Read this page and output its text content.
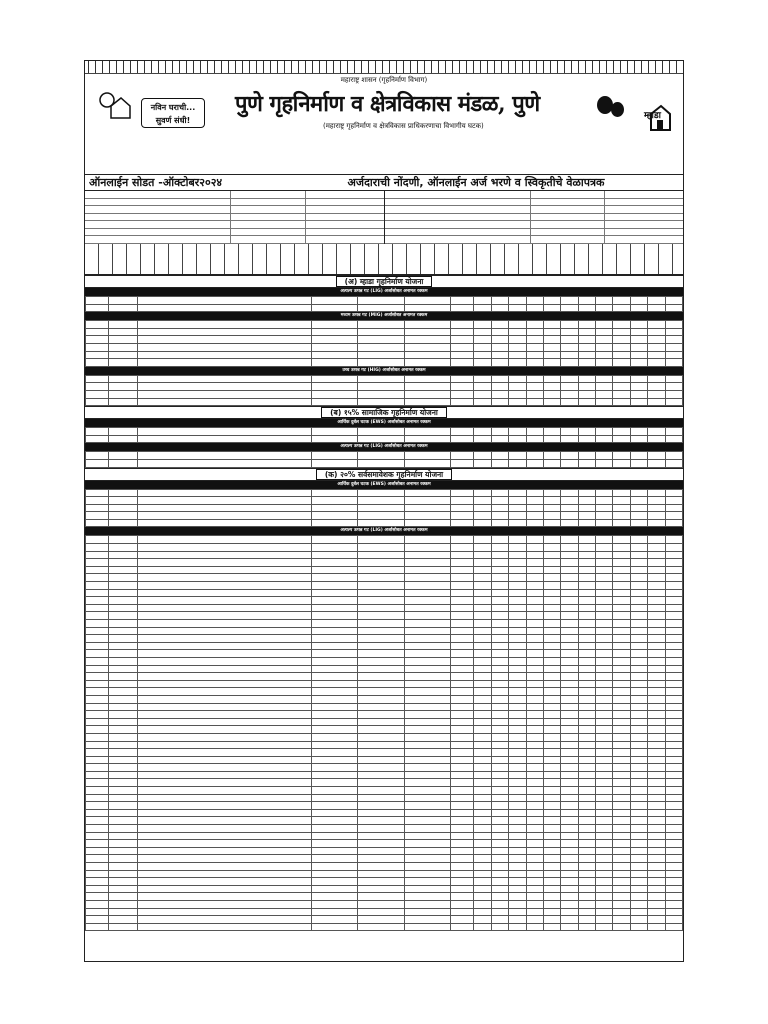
महाराष्ट्र शासन (गृहनिर्माण विभाग)
नविन घराची...
सुवर्ण संधी!
पुणे गृहनिर्माण व क्षेत्रविकास मंडळ, पुणे
(महाराष्ट्र गृहनिर्माण व क्षेत्रविकास प्राधिकरणाचा विभागीय घटक)
म्हाडा
ऑनलाईन सोडत -ऑक्टोबर२०२४	अर्जदाराची नोंदणी, ऑनलाईन अर्ज भरणे व स्विकृतीचे वेळापत्रक
(अ) म्हाडा गृहनिर्माण योजना
अत्यल्प उत्पन्न गट (LIG) अर्जासोबत अनामत रक्कम

मध्यम उत्पन्न गट (MIG) अर्जासोबत अनामत रक्कम

उच्च उत्पन्न गट (HIG) अर्जासोबत अनामत रक्कम

(ब) १५% सामाजिक गृहनिर्माण योजना
आर्थिक दुर्बल घटक (EWS) अर्जासोबत अनामत रक्कम

अत्यल्प उत्पन्न गट (LIG) अर्जासोबत अनामत रक्कम

(क) २०% सर्वसमावेशक गृहनिर्माण योजना
आर्थिक दुर्बल घटक (EWS) अर्जासोबत अनामत रक्कम

अत्यल्प उत्पन्न गट (LIG) अर्जासोबत अनामत रक्कम
